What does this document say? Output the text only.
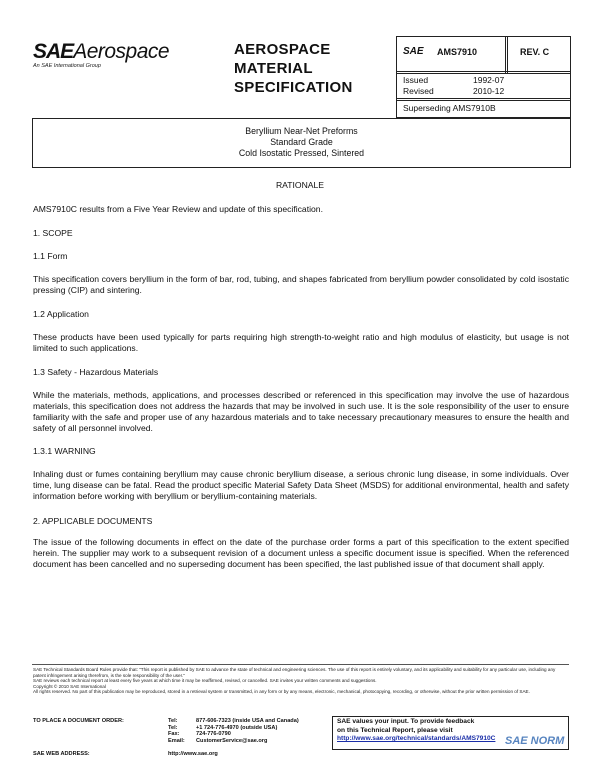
SAEAerospace
An SAE International Group
AEROSPACE
MATERIAL
SPECIFICATION
SAE AMS7910	REV. C
Issued	1992-07
Revised	2010-12
Superseding AMS7910B
Beryllium Near-Net Preforms
Standard Grade
Cold Isostatic Pressed, Sintered
RATIONALE
AMS7910C results from a Five Year Review and update of this specification.
1. SCOPE
1.1 Form
This specification covers beryllium in the form of bar, rod, tubing, and shapes fabricated from beryllium powder consolidated by cold isostatic pressing (CIP) and sintering.
1.2 Application
These products have been used typically for parts requiring high strength-to-weight ratio and high modulus of elasticity, but usage is not limited to such applications.
1.3 Safety - Hazardous Materials
While the materials, methods, applications, and processes described or referenced in this specification may involve the use of hazardous materials, this specification does not address the hazards that may be involved in such use. It is the sole responsibility of the user to ensure familiarity with the safe and proper use of any hazardous materials and to take necessary precautionary measures to ensure the health and safety of all personnel involved.
1.3.1 WARNING
Inhaling dust or fumes containing beryllium may cause chronic beryllium disease, a serious chronic lung disease, in some individuals. Over time, lung disease can be fatal. Read the product specific Material Safety Data Sheet (MSDS) for additional environmental, health and safety information before working with beryllium or beryllium-containing materials.
2. APPLICABLE DOCUMENTS
The issue of the following documents in effect on the date of the purchase order forms a part of this specification to the extent specified herein. The supplier may work to a subsequent revision of a document unless a specific document issue is specified. When the referenced document has been cancelled and no superseding document has been specified, the last published issue of that document shall apply.
SAE Technical Standards Board Rules provide that: "This report is published by SAE to advance the state of technical and engineering sciences. The use of this report is entirely voluntary, and its applicability and suitability for any particular use, including any patent infringement arising therefrom, is the sole responsibility of the user."
SAE reviews each technical report at least every five years at which time it may be reaffirmed, revised, or cancelled. SAE invites your written comments and suggestions.
Copyright © 2010 SAE International
All rights reserved. No part of this publication may be reproduced, stored in a retrieval system or transmitted, in any form or by any means, electronic, mechanical, photocopying, recording, or otherwise, without the prior written permission of SAE.
TO PLACE A DOCUMENT ORDER:	Tel:	877-606-7323 (inside USA and Canada)
Tel:	+1 724-776-4970 (outside USA)
Fax:	724-776-0790
Email: CustomerService@sae.org
SAE WEB ADDRESS:	http://www.sae.org
SAE values your input. To provide feedback
on this Technical Report, please visit
http://www.sae.org/technical/standards/AMS7910C SAE NORM
